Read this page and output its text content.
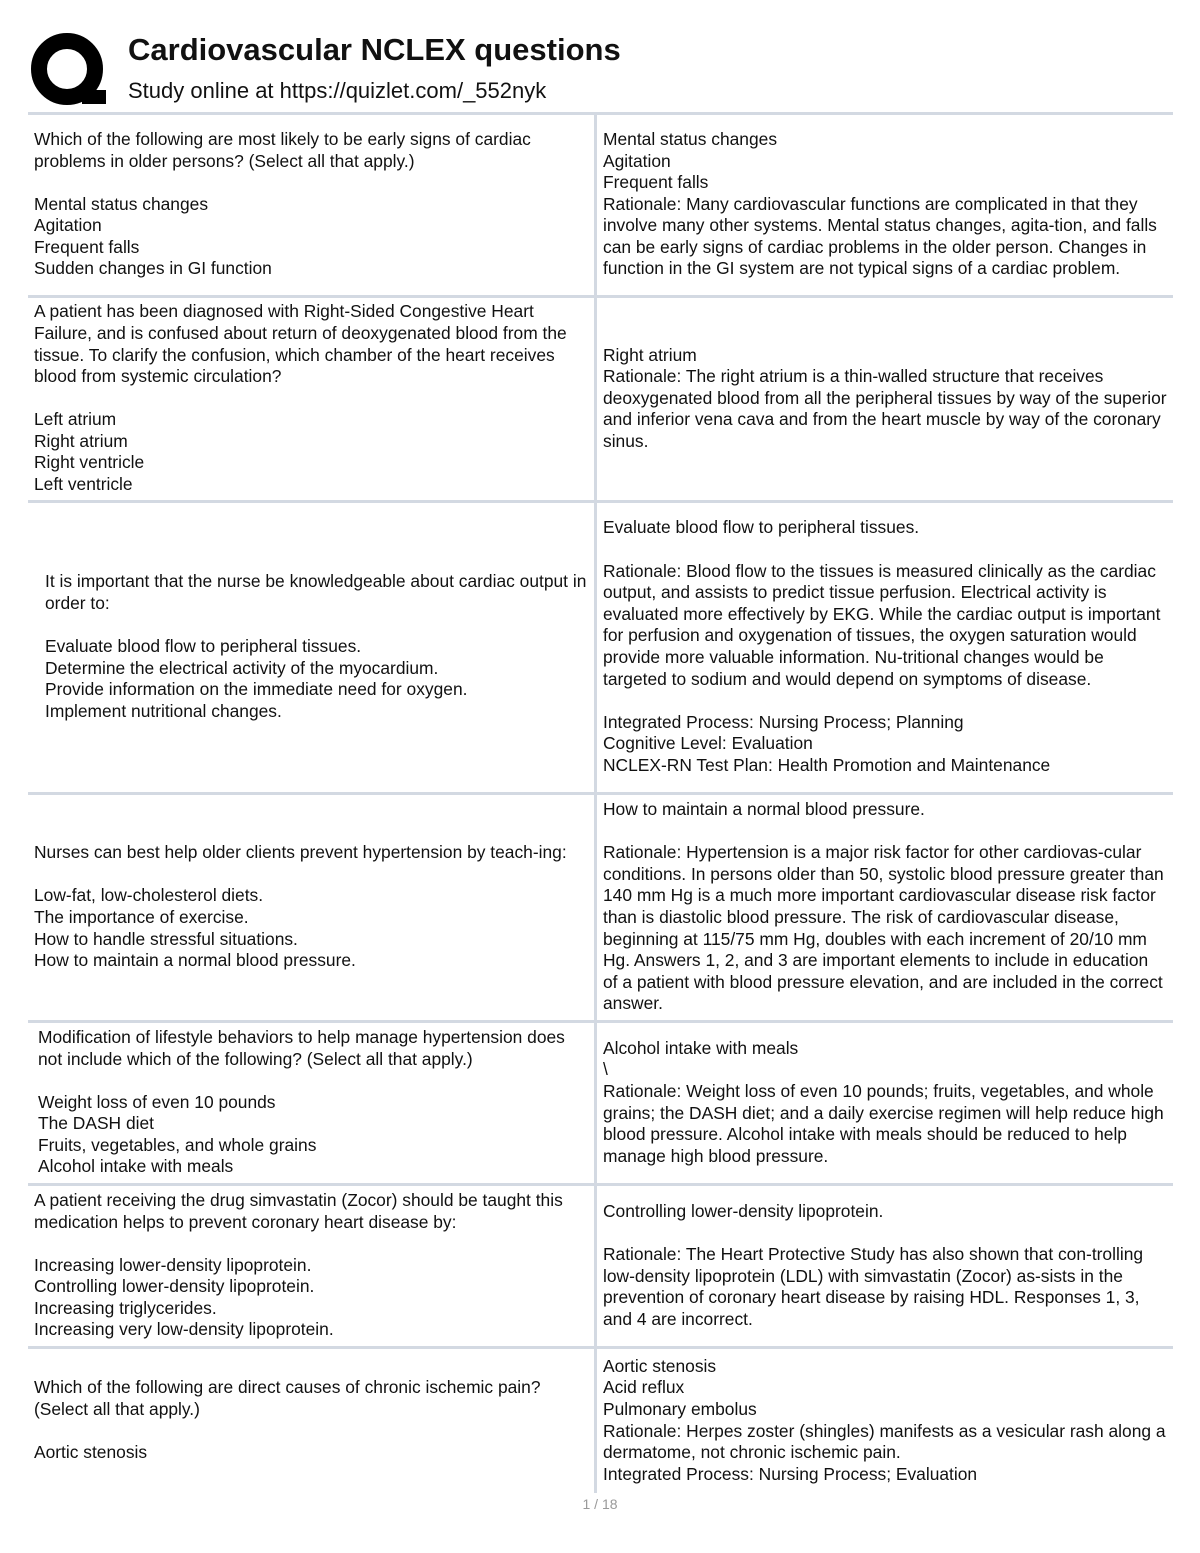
Cardiovascular NCLEX questions
Study online at https://quizlet.com/_552nyk
Which of the following are most likely to be early signs of cardiac problems in older persons? (Select all that apply.)

Mental status changes
Agitation
Frequent falls
Sudden changes in GI function
Mental status changes
Agitation
Frequent falls
Rationale: Many cardiovascular functions are complicated in that they involve many other systems. Mental status changes, agita-tion, and falls can be early signs of cardiac problems in the older person. Changes in function in the GI system are not typical signs of a cardiac problem.
A patient has been diagnosed with Right-Sided Congestive Heart Failure, and is confused about return of deoxygenated blood from the tissue. To clarify the confusion, which chamber of the heart receives blood from systemic circulation?

Left atrium
Right atrium
Right ventricle
Left ventricle
Right atrium
Rationale: The right atrium is a thin-walled structure that receives deoxygenated blood from all the peripheral tissues by way of the superior and inferior vena cava and from the heart muscle by way of the coronary sinus.
It is important that the nurse be knowledgeable about cardiac output in order to:

Evaluate blood flow to peripheral tissues.
Determine the electrical activity of the myocardium.
Provide information on the immediate need for oxygen.
Implement nutritional changes.
Evaluate blood flow to peripheral tissues.

Rationale: Blood flow to the tissues is measured clinically as the cardiac output, and assists to predict tissue perfusion. Electrical activity is evaluated more effectively by EKG. While the cardiac output is important for perfusion and oxygenation of tissues, the oxygen saturation would provide more valuable information. Nu-tritional changes would be targeted to sodium and would depend on symptoms of disease.

Integrated Process: Nursing Process; Planning
Cognitive Level: Evaluation
NCLEX-RN Test Plan: Health Promotion and Maintenance
Nurses can best help older clients prevent hypertension by teach-ing:

Low-fat, low-cholesterol diets.
The importance of exercise.
How to handle stressful situations.
How to maintain a normal blood pressure.
How to maintain a normal blood pressure.

Rationale: Hypertension is a major risk factor for other cardiovas-cular conditions. In persons older than 50, systolic blood pressure greater than 140 mm Hg is a much more important cardiovascular disease risk factor than is diastolic blood pressure. The risk of cardiovascular disease, beginning at 115/75 mm Hg, doubles with each increment of 20/10 mm Hg. Answers 1, 2, and 3 are important elements to include in education of a patient with blood pressure elevation, and are included in the correct answer.
Modification of lifestyle behaviors to help manage hypertension does not include which of the following? (Select all that apply.)

Weight loss of even 10 pounds
The DASH diet
Fruits, vegetables, and whole grains
Alcohol intake with meals
Alcohol intake with meals
\
Rationale: Weight loss of even 10 pounds; fruits, vegetables, and whole grains; the DASH diet; and a daily exercise regimen will help reduce high blood pressure. Alcohol intake with meals should be reduced to help manage high blood pressure.
A patient receiving the drug simvastatin (Zocor) should be taught this medication helps to prevent coronary heart disease by:

Increasing lower-density lipoprotein.
Controlling lower-density lipoprotein.
Increasing triglycerides.
Increasing very low-density lipoprotein.
Controlling lower-density lipoprotein.

Rationale: The Heart Protective Study has also shown that con-trolling low-density lipoprotein (LDL) with simvastatin (Zocor) as-sists in the prevention of coronary heart disease by raising HDL. Responses 1, 3, and 4 are incorrect.
Which of the following are direct causes of chronic ischemic pain? (Select all that apply.)

Aortic stenosis
Aortic stenosis
Acid reflux
Pulmonary embolus
Rationale: Herpes zoster (shingles) manifests as a vesicular rash along a dermatome, not chronic ischemic pain.
Integrated Process: Nursing Process; Evaluation
1 / 18
